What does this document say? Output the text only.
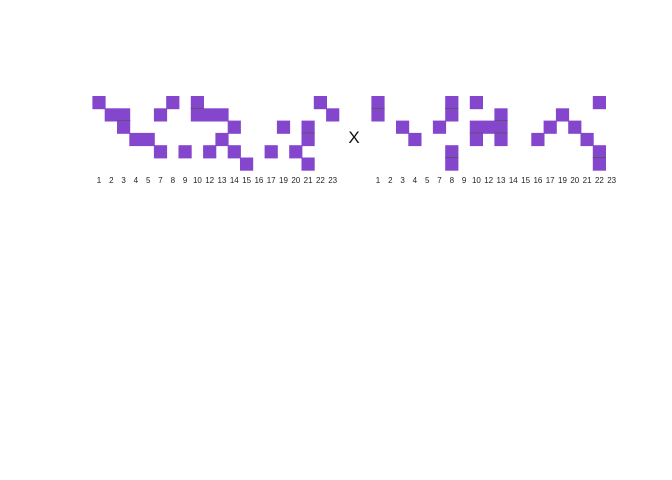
1 2 3 4 5 7 8 9 10 12 13 14 15 16 17 19 20 21 22 23
X
1 2 3 4 5 7 8 9 10 12 13 14 15 16 17 19 20 21 22 23
